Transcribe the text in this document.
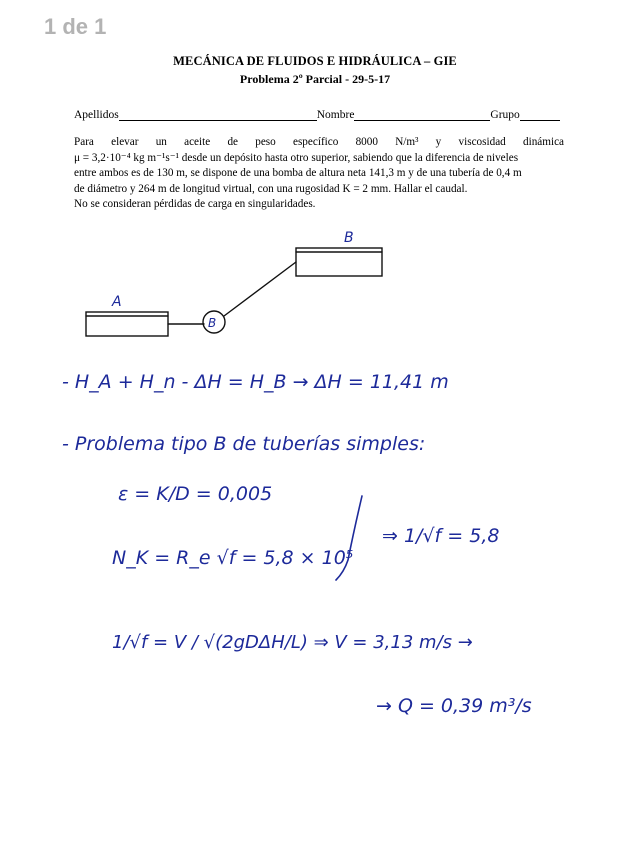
1 de 1
MECÁNICA DE FLUIDOS E HIDRÁULICA – GIE
Problema 2º Parcial - 29-5-17
Apellidos	Nombre	Grupo
Para elevar un aceite de peso específico 8000 N/m³ y viscosidad dinámica
μ = 3,2·10⁻⁴ kg m⁻¹s⁻¹ desde un depósito hasta otro superior, sabiendo que la diferencia de niveles
entre ambos es de 130 m, se dispone de una bomba de altura neta 141,3 m y de una tubería de 0,4 m
de diámetro y 264 m de longitud virtual, con una rugosidad K = 2 mm. Hallar el caudal.
No se consideran pérdidas de carga en singularidades.
A
B
B
- H_A + H_n - ΔH = H_B → ΔH = 11,41 m
- Problema tipo B de tuberías simples:
ε = K/D = 0,005
N_K = R_e √f = 5,8 × 10⁵
⇒ 1/√f = 5,8
1/√f = V / √(2gDΔH/L) ⇒ V = 3,13 m/s →
→ Q = 0,39 m³/s
